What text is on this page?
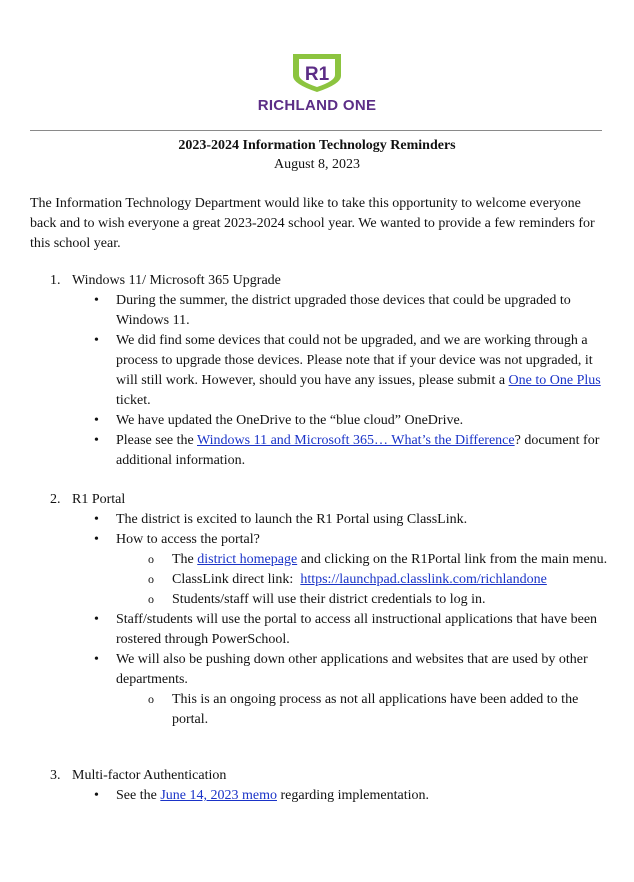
R1
RICHLAND ONE
2023-2024 Information Technology Reminders
August 8, 2023

The Information Technology Department would like to take this opportunity to welcome everyone back and to wish everyone a great 2023-2024 school year. We wanted to provide a few reminders for this school year.

1. Windows 11/ Microsoft 365 Upgrade
• During the summer, the district upgraded those devices that could be upgraded to Windows 11.
• We did find some devices that could not be upgraded, and we are working through a process to upgrade those devices. Please note that if your device was not upgraded, it will still work. However, should you have any issues, please submit a One to One Plus ticket.
• We have updated the OneDrive to the “blue cloud” OneDrive.
• Please see the Windows 11 and Microsoft 365… What’s the Difference? document for additional information.
2. R1 Portal
• The district is excited to launch the R1 Portal using ClassLink.
• How to access the portal?
o The district homepage and clicking on the R1Portal link from the main menu.
o ClassLink direct link:  https://launchpad.classlink.com/richlandone
o Students/staff will use their district credentials to log in.
• Staff/students will use the portal to access all instructional applications that have been rostered through PowerSchool.
• We will also be pushing down other applications and websites that are used by other departments.
o This is an ongoing process as not all applications have been added to the portal.
3. Multi-factor Authentication
• See the June 14, 2023 memo regarding implementation.
